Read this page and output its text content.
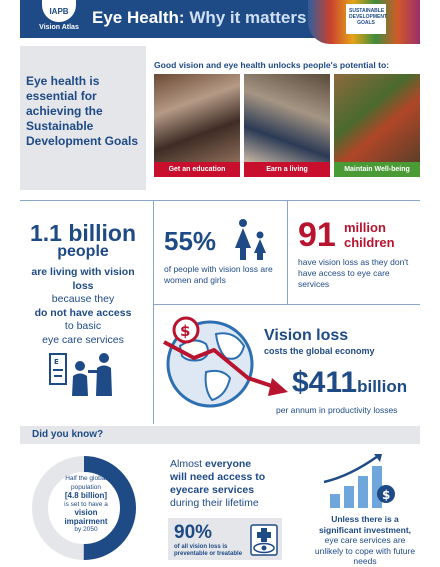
IAPB
Vision Atlas
Eye Health: Why it matters	SUSTAINABLE DEVELOPMENT GOALS
Eye health is essential for achieving the Sustainable Development Goals
Good vision and eye health unlocks people's potential to:
Get an education	Earn a living	Maintain Well-being
1.1 billion
people
are living with vision loss
because they
do not have access
to basic
eye care services
E
55%
of people with vision loss are women and girls
91 million children
have vision loss as they don't have access to eye care services
$	Vision loss
costs the global economy
$411billion
per annum in productivity losses
Did you know?
Half the global population
[4.8 billion]
is set to have a
vision impairment
by 2050
Almost everyone
will need access to eyecare services
during their lifetime
90%
of all vision loss is preventable or treatable
$
Unless there is a significant investment, eye care services are unlikely to cope with future needs
